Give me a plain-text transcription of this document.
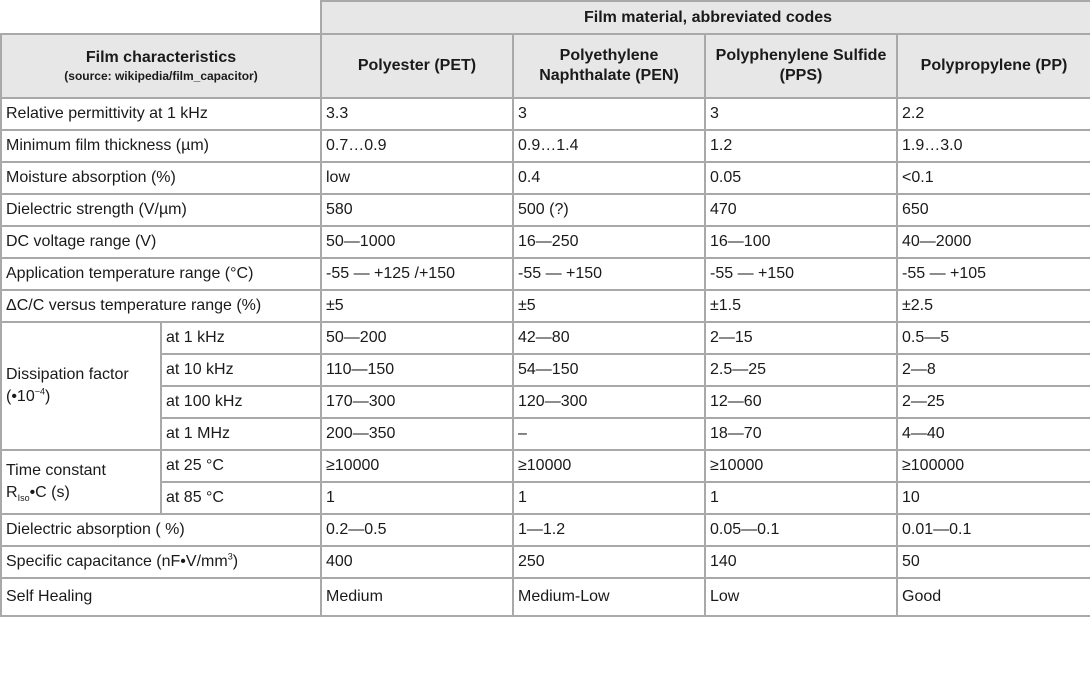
		Film material, abbreviated codes			
Film characteristics
(source: wikipedia/film_capacitor)		Polyester (PET)	Polyethylene Naphthalate (PEN)	Polyphenylene Sulfide (PPS)	Polypropylene (PP)
Relative permittivity at 1 kHz		3.3	3	3	2.2
Minimum film thickness (µm)		0.7…0.9	0.9…1.4	1.2	1.9…3.0
Moisture absorption (%)		low	0.4	0.05	<0.1
Dielectric strength (V/µm)		580	500 (?)	470	650
DC voltage range (V)		50—1000	16—250	16—100	40—2000
Application temperature range (°C)		-55 — +125 /+150	-55 — +150	-55 — +150	-55 — +105
ΔC/C versus temperature range (%)		±5	±5	±1.5	±2.5
Dissipation factor
$(•10^{-4})$	at 1 kHz	50—200	42—80	2—15	0.5—5
	at 10 kHz	110—150	54—150	2.5—25	2—8
	at 100 kHz	170—300	120—300	12—60	2—25
	at 1 MHz	200—350	–	18—70	4—40
Time constant
$R_{Iso}•C$ (s)	at 25 °C	≥10000	≥10000	≥10000	≥100000
	at 85 °C	1	1	1	10
Dielectric absorption ( %)		0.2—0.5	1—1.2	0.05—0.1	0.01—0.1
Specific capacitance $(nF•V/mm^3)$		400	250	140	50
Self Healing		Medium	Medium-Low	Low	Good
